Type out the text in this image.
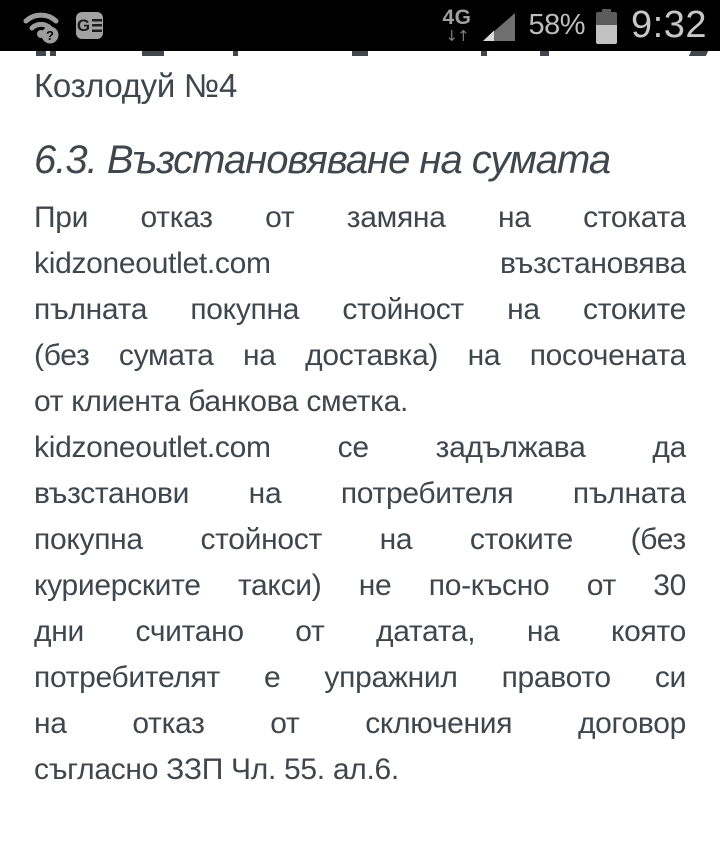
? G	4G
↓↑ 58% 9:32
Козлодуй №4
6.3. Възстановяване на сумата
При отказ от замяна на стоката
kidzoneoutlet.com възстановява
пълната покупна стойност на стоките
(без сумата на доставка) на посочената
от клиента банкова сметка.
kidzoneoutlet.com се задължава да
възстанови на потребителя пълната
покупна стойност на стоките (без
куриерските такси) не по-късно от 30
дни считано от датата, на която
потребителят е упражнил правото си
на отказ от сключения договор
съгласно ЗЗП Чл. 55. ал.6.
